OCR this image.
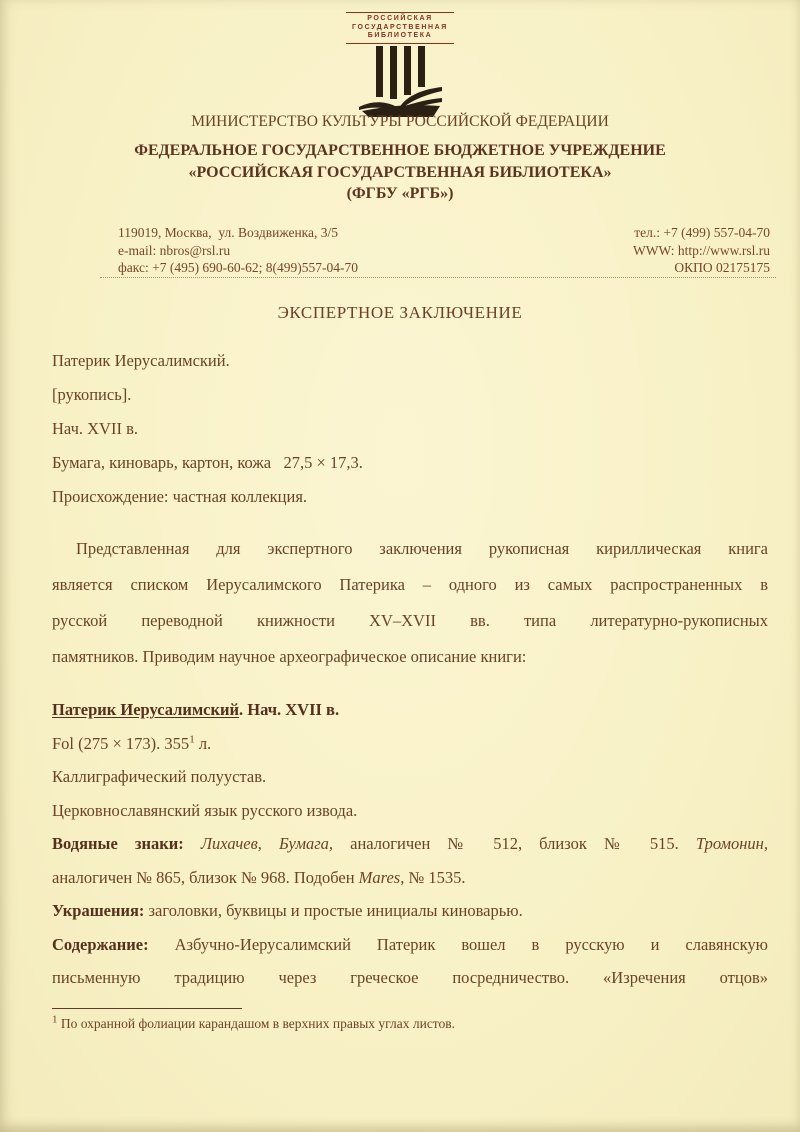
РОССИЙСКАЯ
ГОСУДАРСТВЕННАЯ
БИБЛИОТЕКА
МИНИСТЕРСТВО КУЛЬТУРЫ РОССИЙСКОЙ ФЕДЕРАЦИИ
ФЕДЕРАЛЬНОЕ ГОСУДАРСТВЕННОЕ БЮДЖЕТНОЕ УЧРЕЖДЕНИЕ
«РОССИЙСКАЯ ГОСУДАРСТВЕННАЯ БИБЛИОТЕКА»
(ФГБУ «РГБ»)
119019, Москва,  ул. Воздвиженка, 3/5
e-mail: nbros@rsl.ru
факс: +7 (495) 690-60-62; 8(499)557-04-70
тел.: +7 (499) 557-04-70
WWW: http://www.rsl.ru
ОКПО 02175175
ЭКСПЕРТНОЕ ЗАКЛЮЧЕНИЕ
Патерик Иерусалимский.
[рукопись].
Нач. XVII в.
Бумага, киноварь, картон, кожа   27,5 × 17,3.
Происхождение: частная коллекция.
Представленная для экспертного заключения рукописная кириллическая книга
является списком Иерусалимского Патерика – одного из самых распространенных в
русской переводной книжности XV–XVII вв. типа литературно-рукописных
памятников. Приводим научное археографическое описание книги:
Патерик Иерусалимский. Нач. XVII в.
Fol (275 × 173). $355^1$ л.
Каллиграфический полуустав.
Церковнославянский язык русского извода.
Водяные знаки: Лихачев, Бумага, аналогичен № 512, близок № 515. Тромонин,
аналогичен № 865, близок № 968. Подобен Mares, № 1535.
Украшения: заголовки, буквицы и простые инициалы киноварью.
Содержание: Азбучно-Иерусалимский Патерик вошел в русскую и славянскую
письменную традицию через греческое посредничество. «Изречения отцов»
$^1$ По охранной фолиации карандашом в верхних правых углах листов.
